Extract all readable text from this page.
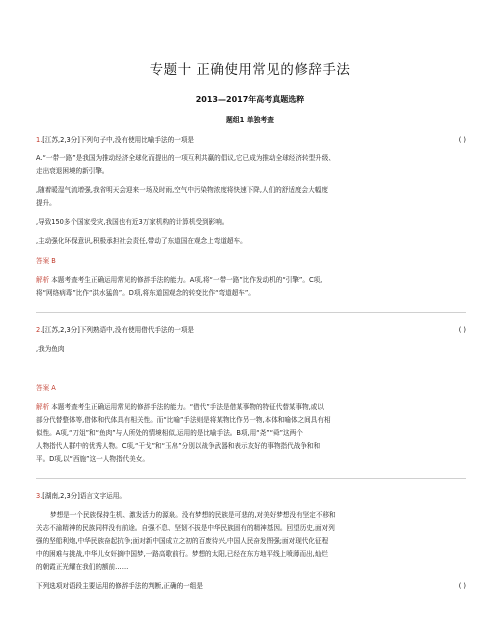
专题十 正确使用常见的修辞手法
2013—2017年高考真题选粹
题组1 单独考查
1.[江苏,2,3分]下列句子中,没有使用比喻手法的一项是	( )
A.“一带一路”是我国为推动经济全球化而提出的一项互利共赢的倡议,它已成为推动全球经济转型升级、
走出衰退困境的新引擎。
,随着暖湿气流增强,我省明天会迎来一场及时雨,空气中污染物浓度将快速下降,人们的舒适度会大幅度
提升。
,导致150多个国家受灾,我国也有近3万家机构的计算机受到影响。
,主动强化环保意识,积极承担社会责任,带动了东道国在观念上弯道超车。
答案 B
解析 本题考查考生正确运用常见的修辞手法的能力。A项,将“一带一路”比作发动机的“引擎”。C项,
将“网络病毒”比作“洪水猛兽”。D项,将东道国观念的转变比作“弯道超车”。
2.[江苏,2,3分]下列熟语中,没有使用借代手法的一项是	( )
,我为鱼肉
答案 A
解析 本题考查考生正确运用常见的修辞手法的能力。“借代”手法是借某事物的特征代替某事物,或以
部分代替整体等,借体和代体具有相关性。而“比喻”手法则是将某物比作另一物,本体和喻体之间具有相
似性。A项,“刀俎”和“鱼肉”与人所处的情境相似,运用的是比喻手法。B项,用“尧”“舜”这两个
人物指代人群中的优秀人物。C项,“干戈”和“玉帛”分别以战争武器和表示友好的事物指代战争和和
平。D项,以“西施”这一人物指代美女。
3.[湖南,2,3分]语言文字运用。
梦想是一个民族保持生机、激发活力的源泉。没有梦想的民族是可悲的,对美好梦想没有坚定不移和
关志不渝精神的民族同样没有前途。自强不息、坚韧不拔是中华民族固有的精神基因。回望历史,面对列
强的坚船利炮,中华民族奋起抗争;面对新中国成立之初的百废待兴,中国人民奋发图强;面对现代化征程
中的困难与挑战,中华儿女奸摘中国梦,一路高歌前行。梦想的太阳,已经在东方地平线上喷薄而出,灿烂
的朝霞正光耀在我们的额前……
下列选项对语段主要运用的修辞手法的判断,正确的一组是	( )
